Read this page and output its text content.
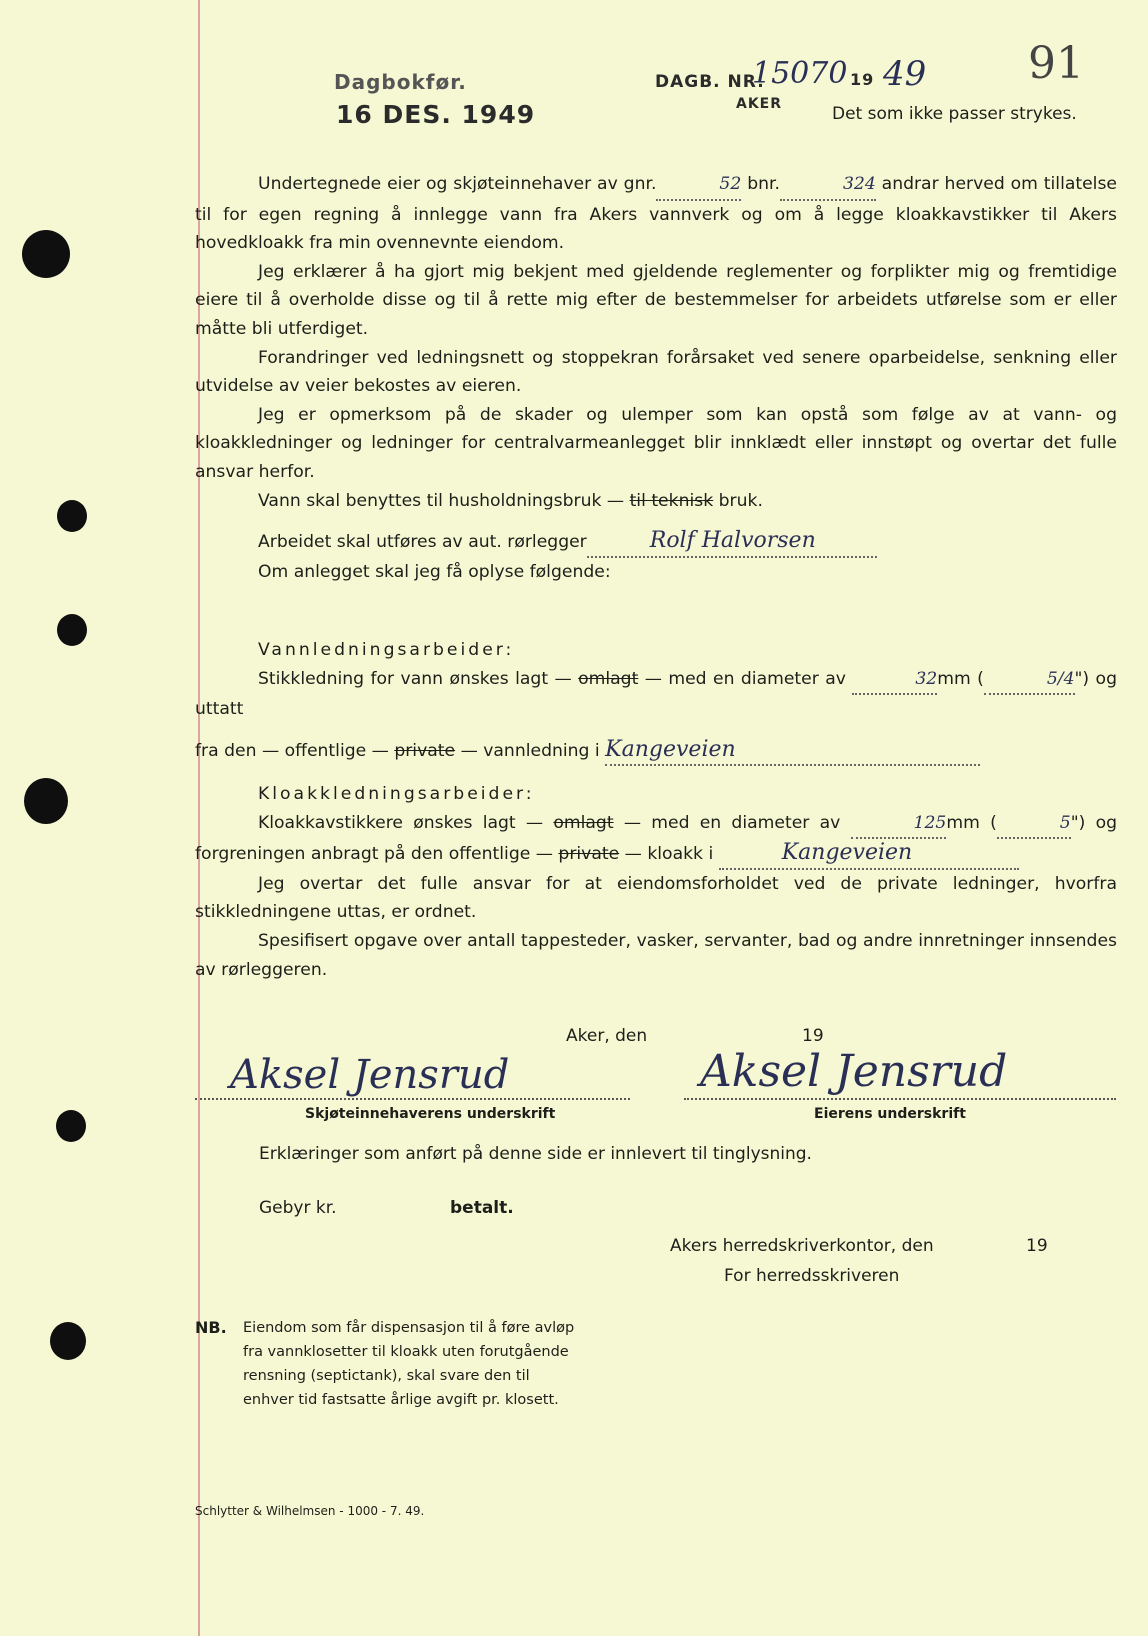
Dagbokfør.
16 DES. 1949
DAGB. NR.
15070 19 49
AKER
91
Det som ikke passer strykes.

Undertegnede eier og skjøteinnehaver av gnr.	52 bnr.	324 andrar herved om tillatelse til for egen regning å innlegge vann fra Akers vannverk og om å legge kloakkavstikker til Akers hovedkloakk fra min ovennevnte eiendom.

Jeg erklærer å ha gjort mig bekjent med gjeldende reglementer og forplikter mig og fremtidige eiere til å overholde disse og til å rette mig efter de bestemmelser for arbeidets utførelse som er eller måtte bli utferdiget.

Forandringer ved ledningsnett og stoppekran forårsaket ved senere oparbeidelse, senkning eller utvidelse av veier bekostes av eieren.

Jeg er opmerksom på de skader og ulemper som kan opstå som følge av at vann- og kloakkledninger og ledninger for centralvarmeanlegget blir innklædt eller innstøpt og overtar det fulle ansvar herfor.

Vann skal benyttes til husholdningsbruk — til teknisk bruk.

Arbeidet skal utføres av aut. rørlegger	Rolf Halvorsen

Om anlegget skal jeg få oplyse følgende:

Vannledningsarbeider:

Stikkledning for vann ønskes lagt — omlagt — med en diameter av	32mm (	5/4") og uttatt

fra den — offentlige — private — vannledning i Kangeveien

Kloakkledningsarbeider:

Kloakkavstikkere ønskes lagt — omlagt — med en diameter av	125mm (	5") og forgreningen anbragt på den offentlige — private — kloakk i	Kangeveien

Jeg overtar det fulle ansvar for at eiendomsforholdet ved de private ledninger, hvorfra stikkledningene uttas, er ordnet.

Spesifisert opgave over antall tappesteder, vasker, servanter, bad og andre innretninger innsendes av rørleggeren.

Aker, den	19
Aksel Jensrud	Aksel Jensrud
Skjøteinnehaverens underskrift	Eierens underskrift
Erklæringer som anført på denne side er innlevert til tinglysning.
Gebyr kr.	betalt.
Akers herredskriverkontor, den	19
For herredsskriveren
NB. Eiendom som får dispensasjon til å føre avløp fra vannklosetter til kloakk uten forutgående rensning (septictank), skal svare den til enhver tid fastsatte årlige avgift pr. klosett.
Schlytter & Wilhelmsen - 1000 - 7. 49.
